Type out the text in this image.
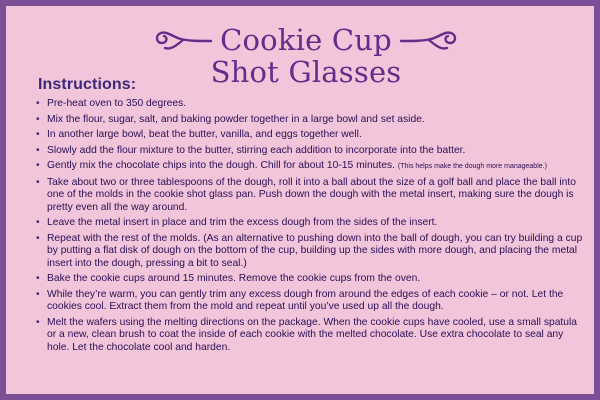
Cookie Cup
Shot Glasses
Instructions:
• Pre-heat oven to 350 degrees.
• Mix the flour, sugar, salt, and baking powder together in a large bowl and set aside.
• In another large bowl, beat the butter, vanilla, and eggs together well.
• Slowly add the flour mixture to the butter, stirring each addition to incorporate into the batter.
• Gently mix the chocolate chips into the dough. Chill for about 10-15 minutes. (This helps make the dough more manageable.)
• Take about two or three tablespoons of the dough, roll it into a ball about the size of a golf ball and place the ball into one of the molds in the cookie shot glass pan. Push down the dough with the metal insert, making sure the dough is pretty even all the way around.
• Leave the metal insert in place and trim the excess dough from the sides of the insert.
• Repeat with the rest of the molds. (As an alternative to pushing down into the ball of dough, you can try building a cup by putting a flat disk of dough on the bottom of the cup, building up the sides with more dough, and placing the metal insert into the dough, pressing a bit to seal.)
• Bake the cookie cups around 15 minutes. Remove the cookie cups from the oven.
• While they’re warm, you can gently trim any excess dough from around the edges of each cookie – or not. Let the cookies cool. Extract them from the mold and repeat until you’ve used up all the dough.
• Melt the wafers using the melting directions on the package. When the cookie cups have cooled, use a small spatula or a new, clean brush to coat the inside of each cookie with the melted chocolate. Use extra chocolate to seal any hole. Let the chocolate cool and harden.
